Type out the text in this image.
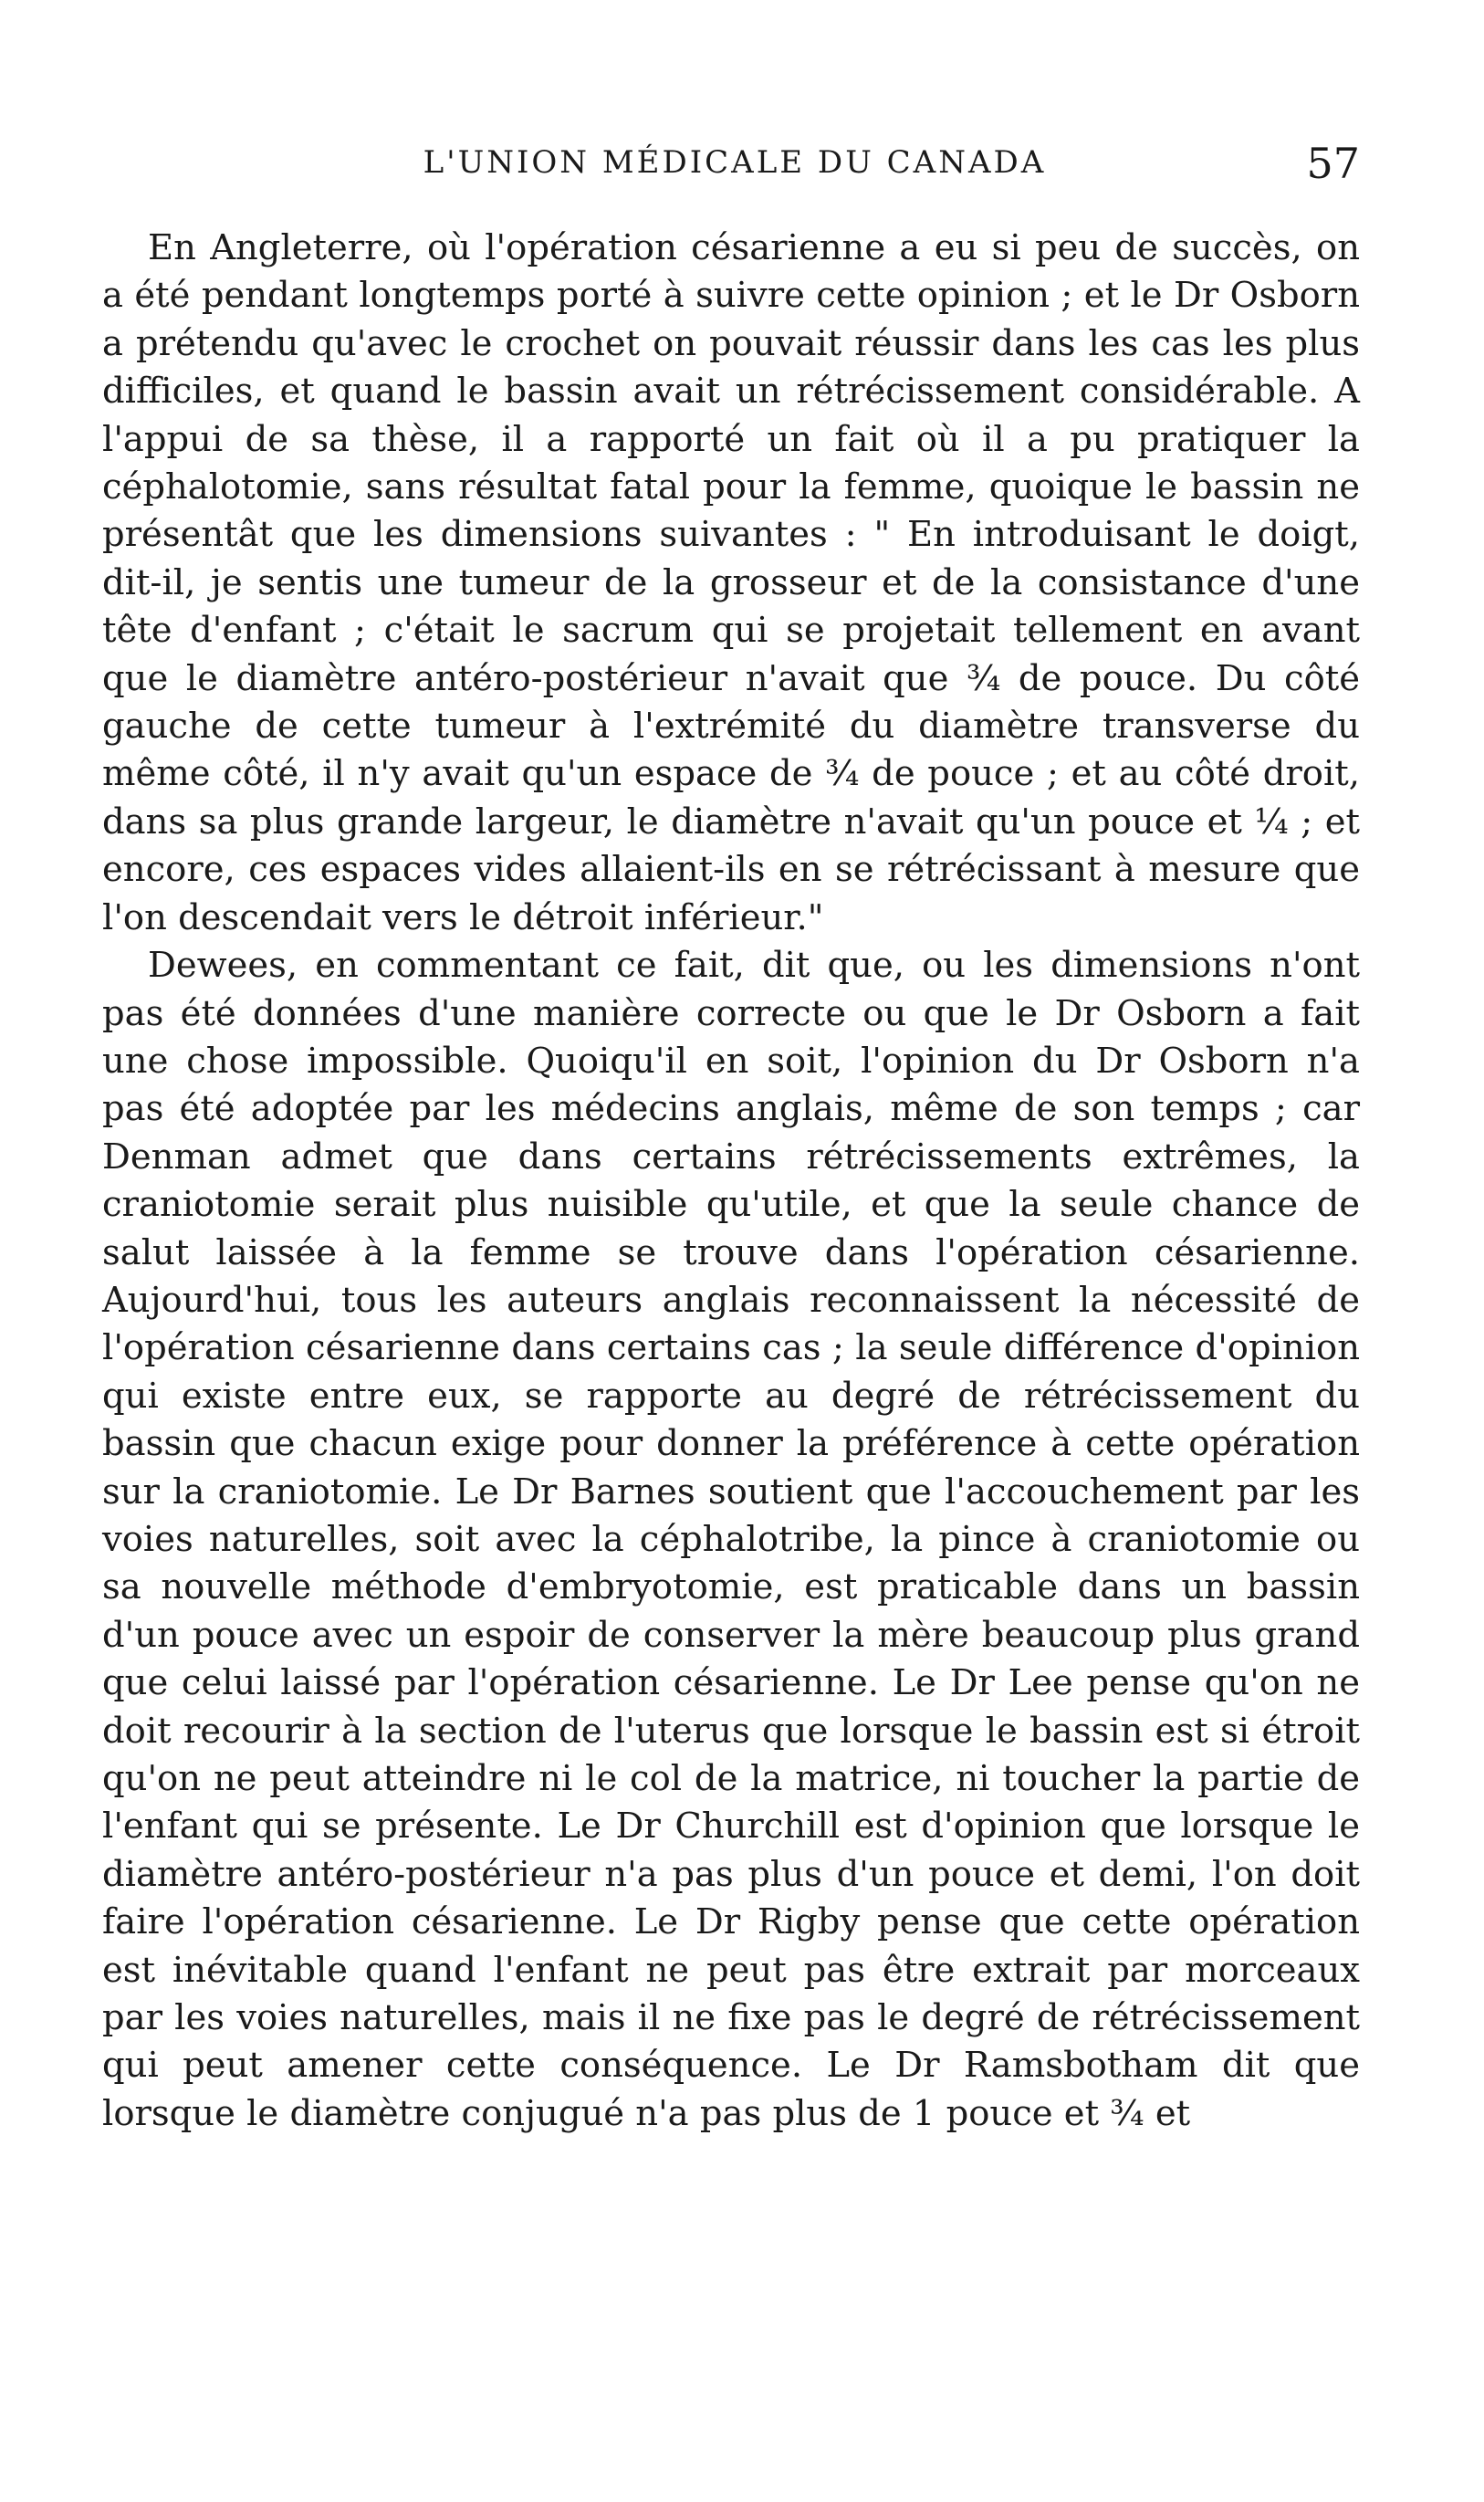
L'UNION MÉDICALE DU CANADA	57

En Angleterre, où l'opération césarienne a eu si peu de succès, on a été pendant longtemps porté à suivre cette opinion ; et le Dr Osborn a prétendu qu'avec le crochet on pouvait réussir dans les cas les plus difficiles, et quand le bassin avait un rétrécissement considérable. A l'appui de sa thèse, il a rapporté un fait où il a pu pratiquer la céphalotomie, sans résultat fatal pour la femme, quoique le bassin ne présentât que les dimensions suivantes : " En introduisant le doigt, dit-il, je sentis une tumeur de la grosseur et de la consistance d'une tête d'enfant ; c'était le sacrum qui se projetait tellement en avant que le diamètre antéro-postérieur n'avait que ¾ de pouce. Du côté gauche de cette tumeur à l'extrémité du diamètre transverse du même côté, il n'y avait qu'un espace de ¾ de pouce ; et au côté droit, dans sa plus grande largeur, le diamètre n'avait qu'un pouce et ¼ ; et encore, ces espaces vides allaient-ils en se rétrécissant à mesure que l'on descendait vers le détroit inférieur."

Dewees, en commentant ce fait, dit que, ou les dimensions n'ont pas été données d'une manière correcte ou que le Dr Osborn a fait une chose impossible. Quoiqu'il en soit, l'opinion du Dr Osborn n'a pas été adoptée par les médecins anglais, même de son temps ; car Denman admet que dans certains rétrécissements extrêmes, la craniotomie serait plus nuisible qu'utile, et que la seule chance de salut laissée à la femme se trouve dans l'opération césarienne. Aujourd'hui, tous les auteurs anglais reconnaissent la nécessité de l'opération césarienne dans certains cas ; la seule différence d'opinion qui existe entre eux, se rapporte au degré de rétrécissement du bassin que chacun exige pour donner la préférence à cette opération sur la craniotomie. Le Dr Barnes soutient que l'accouchement par les voies naturelles, soit avec la céphalotribe, la pince à craniotomie ou sa nouvelle méthode d'embryotomie, est praticable dans un bassin d'un pouce avec un espoir de conserver la mère beaucoup plus grand que celui laissé par l'opération césarienne. Le Dr Lee pense qu'on ne doit recourir à la section de l'uterus que lorsque le bassin est si étroit qu'on ne peut atteindre ni le col de la matrice, ni toucher la partie de l'enfant qui se présente. Le Dr Churchill est d'opinion que lorsque le diamètre antéro-postérieur n'a pas plus d'un pouce et demi, l'on doit faire l'opération césarienne. Le Dr Rigby pense que cette opération est inévitable quand l'enfant ne peut pas être extrait par morceaux par les voies naturelles, mais il ne fixe pas le degré de rétrécissement qui peut amener cette conséquence. Le Dr Ramsbotham dit que lorsque le diamètre conjugué n'a pas plus de 1 pouce et ¾ et
